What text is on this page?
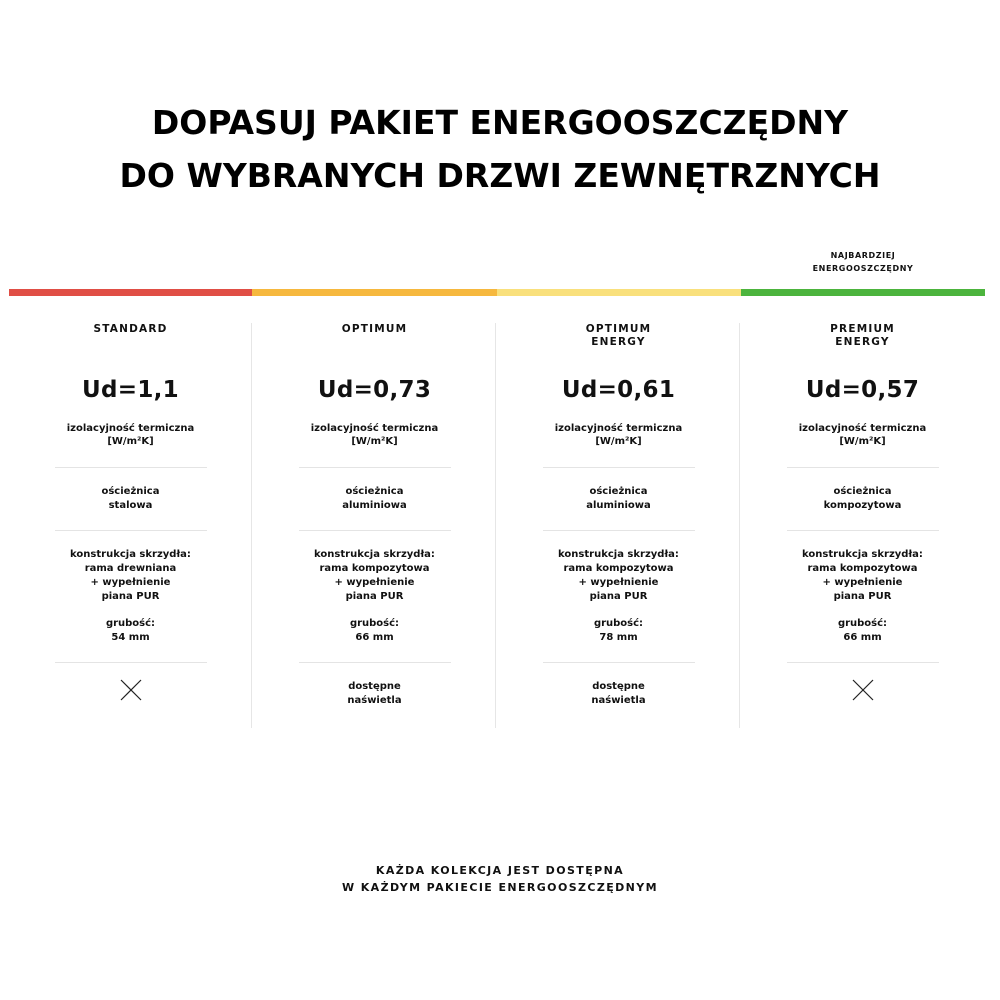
DOPASUJ PAKIET ENERGOOSZCZĘDNY
DO WYBRANYCH DRZWI ZEWNĘTRZNYCH
NAJBARDZIEJ
ENERGOOSZCZĘDNY
STANDARD
Ud=1,1
izolacyjność termiczna
[W/m²K]
ościeżnica
stalowa
konstrukcja skrzydła:
rama drewniana
+ wypełnienie
piana PUR
grubość:
54 mm
OPTIMUM
Ud=0,73
izolacyjność termiczna
[W/m²K]
ościeżnica
aluminiowa
konstrukcja skrzydła:
rama kompozytowa
+ wypełnienie
piana PUR
grubość:
66 mm
dostępne
naświetla
OPTIMUM
ENERGY
Ud=0,61
izolacyjność termiczna
[W/m²K]
ościeżnica
aluminiowa
konstrukcja skrzydła:
rama kompozytowa
+ wypełnienie
piana PUR
grubość:
78 mm
dostępne
naświetla
PREMIUM
ENERGY
Ud=0,57
izolacyjność termiczna
[W/m²K]
ościeżnica
kompozytowa
konstrukcja skrzydła:
rama kompozytowa
+ wypełnienie
piana PUR
grubość:
66 mm
KAŻDA KOLEKCJA JEST DOSTĘPNA
W KAŻDYM PAKIECIE ENERGOOSZCZĘDNYM
